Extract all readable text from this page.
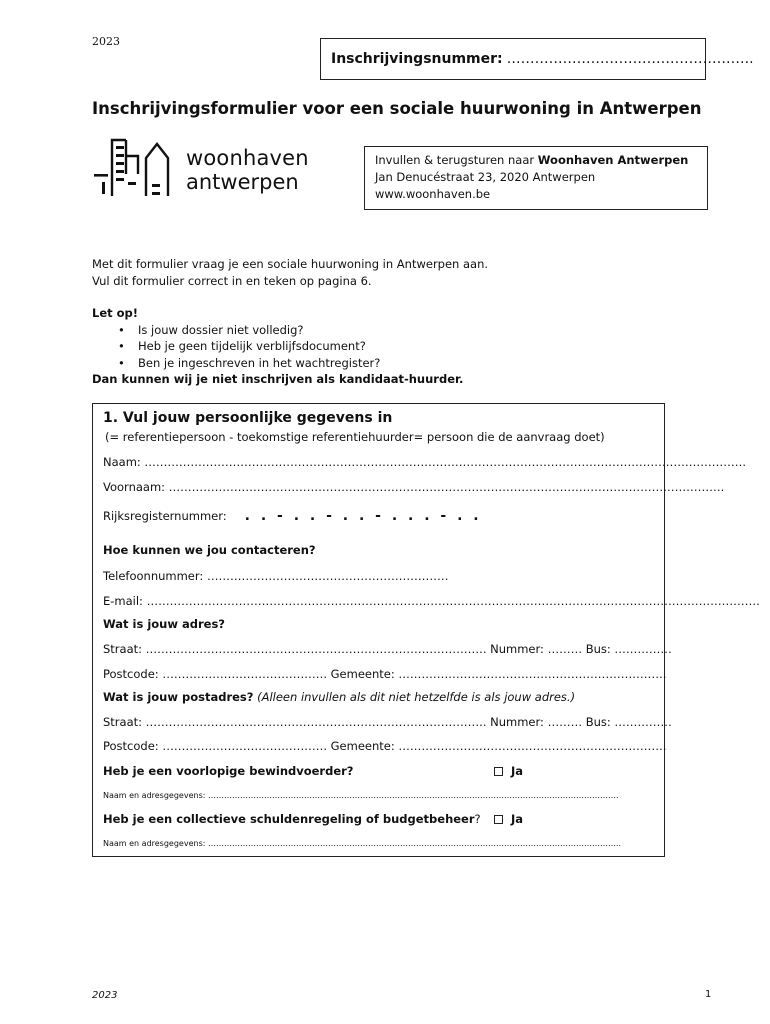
2023
Inschrijvingsnummer: ……………………………………………..
Inschrijvingsformulier voor een sociale huurwoning in Antwerpen
woonhaven
antwerpen
Invullen & terugsturen naar Woonhaven Antwerpen
Jan Denucéstraat 23, 2020 Antwerpen
www.woonhaven.be
Met dit formulier vraag je een sociale huurwoning in Antwerpen aan.
Vul dit formulier correct in en teken op pagina 6.
Let op!
• Is jouw dossier niet volledig?
• Heb je geen tijdelijk verblijfsdocument?
• Ben je ingeschreven in het wachtregister?
Dan kunnen wij je niet inschrijven als kandidaat-huurder.
1. Vul jouw persoonlijke gegevens in
(= referentiepersoon - toekomstige referentiehuurder= persoon die de aanvraag doet)
Naam: ………………………………………………………………………………………………………………………………………….
Voornaam: ……………………………………………………………………………………………………………………………….
Rijksregisternummer: . . - . . - . . - . . . - . .
Hoe kunnen we jou contacteren?
Telefoonnummer: ………………………………………………………
E-mail: …………………………………………………………………………………………………………………………………………….
Wat is jouw adres?
Straat: …………………………………………………………………………….. Nummer: ……… Bus: ……………
Postcode: ……………………………………. Gemeente: …………………………………………………………….
Wat is jouw postadres? (Alleen invullen als dit niet hetzelfde is als jouw adres.)
Straat: …………………………………………………………………………….. Nummer: ……… Bus: ……………
Postcode: ……………………………………. Gemeente: …………………………………………………………….
Heb je een voorlopige bewindvoerder?	Ja
Naam en adresgegevens: ……………………………………………………………………………………………………………………………………….
Heb je een collectieve schuldenregeling of budgetbeheer?	Ja
Naam en adresgegevens: ………………………………………………………………………………………………………………………………………..
2023	1
